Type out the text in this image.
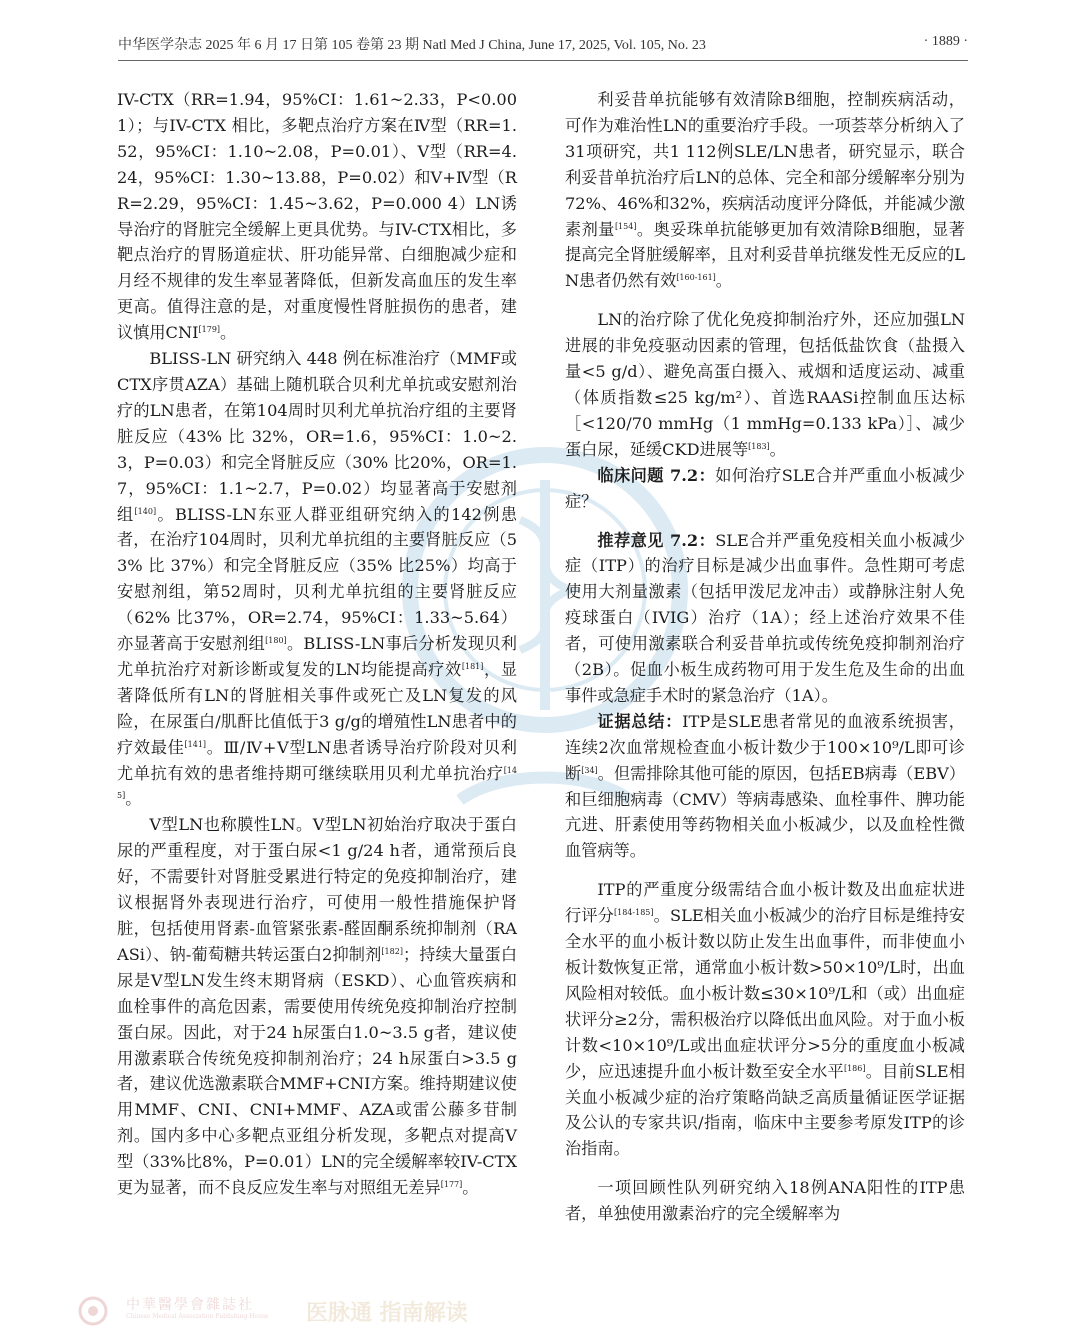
中华医学杂志 2025 年 6 月 17 日第 105 卷第 23 期 Natl Med J China, June 17, 2025, Vol. 105, No. 23	· 1889 ·

IV-CTX（RR=1.94，95%CI：1.61~2.33，P<0.001）；与IV-CTX 相比，多靶点治疗方案在Ⅳ型（RR=1.52，95%CI：1.10~2.08，P=0.01）、Ⅴ型（RR=4.24，95%CI：1.30~13.88，P=0.02）和Ⅴ+Ⅳ型（RR=2.29，95%CI：1.45~3.62，P=0.000 4）LN诱导治疗的肾脏完全缓解上更具优势。与IV-CTX相比，多靶点治疗的胃肠道症状、肝功能异常、白细胞减少症和月经不规律的发生率显著降低，但新发高血压的发生率更高。值得注意的是，对重度慢性肾脏损伤的患者，建议慎用CNI[179]。

BLISS-LN 研究纳入 448 例在标准治疗（MMF或CTX序贯AZA）基础上随机联合贝利尤单抗或安慰剂治疗的LN患者，在第104周时贝利尤单抗治疗组的主要肾脏反应（43% 比 32%，OR=1.6，95%CI：1.0~2.3，P=0.03）和完全肾脏反应（30% 比20%，OR=1.7，95%CI：1.1~2.7，P=0.02）均显著高于安慰剂组[140]。BLISS-LN东亚人群亚组研究纳入的142例患者，在治疗104周时，贝利尤单抗组的主要肾脏反应（53% 比 37%）和完全肾脏反应（35% 比25%）均高于安慰剂组，第52周时，贝利尤单抗组的主要肾脏反应（62% 比37%，OR=2.74，95%CI：1.33~5.64）亦显著高于安慰剂组[180]。BLISS-LN事后分析发现贝利尤单抗治疗对新诊断或复发的LN均能提高疗效[181]，显著降低所有LN的肾脏相关事件或死亡及LN复发的风险，在尿蛋白/肌酐比值低于3 g/g的增殖性LN患者中的疗效最佳[141]。Ⅲ/Ⅳ+Ⅴ型LN患者诱导治疗阶段对贝利尤单抗有效的患者维持期可继续联用贝利尤单抗治疗[145]。

Ⅴ型LN也称膜性LN。Ⅴ型LN初始治疗取决于蛋白尿的严重程度，对于蛋白尿<1 g/24 h者，通常预后良好，不需要针对肾脏受累进行特定的免疫抑制治疗，建议根据肾外表现进行治疗，可使用一般性措施保护肾脏，包括使用肾素-血管紧张素-醛固酮系统抑制剂（RAASi）、钠-葡萄糖共转运蛋白2抑制剂[182]；持续大量蛋白尿是Ⅴ型LN发生终末期肾病（ESKD）、心血管疾病和血栓事件的高危因素，需要使用传统免疫抑制治疗控制蛋白尿。因此，对于24 h尿蛋白1.0~3.5 g者，建议使用激素联合传统免疫抑制剂治疗；24 h尿蛋白>3.5 g者，建议优选激素联合MMF+CNI方案。维持期建议使用MMF、CNI、CNI+MMF、AZA或雷公藤多苷制剂。国内多中心多靶点亚组分析发现，多靶点对提高Ⅴ型（33%比8%，P=0.01）LN的完全缓解率较IV-CTX更为显著，而不良反应发生率与对照组无差异[177]。

利妥昔单抗能够有效清除B细胞，控制疾病活动，可作为难治性LN的重要治疗手段。一项荟萃分析纳入了31项研究，共1 112例SLE/LN患者，研究显示，联合利妥昔单抗治疗后LN的总体、完全和部分缓解率分别为72%、46%和32%，疾病活动度评分降低，并能减少激素剂量[154]。奥妥珠单抗能够更加有效清除B细胞，显著提高完全肾脏缓解率，且对利妥昔单抗继发性无反应的LN患者仍然有效[160-161]。

LN的治疗除了优化免疫抑制治疗外，还应加强LN进展的非免疫驱动因素的管理，包括低盐饮食（盐摄入量<5 g/d）、避免高蛋白摄入、戒烟和适度运动、减重（体质指数≤25 kg/m²）、首选RAASi控制血压达标［<120/70 mmHg（1 mmHg=0.133 kPa）］、减少蛋白尿，延缓CKD进展等[183]。

临床问题 7.2：如何治疗SLE合并严重血小板减少症？

推荐意见 7.2：SLE合并严重免疫相关血小板减少症（ITP）的治疗目标是减少出血事件。急性期可考虑使用大剂量激素（包括甲泼尼龙冲击）或静脉注射人免疫球蛋白（IVIG）治疗（1A）；经上述治疗效果不佳者，可使用激素联合利妥昔单抗或传统免疫抑制剂治疗（2B）。促血小板生成药物可用于发生危及生命的出血事件或急症手术时的紧急治疗（1A）。

证据总结：ITP是SLE患者常见的血液系统损害，连续2次血常规检查血小板计数少于100×10⁹/L即可诊断[34]。但需排除其他可能的原因，包括EB病毒（EBV）和巨细胞病毒（CMV）等病毒感染、血栓事件、脾功能亢进、肝素使用等药物相关血小板减少，以及血栓性微血管病等。

ITP的严重度分级需结合血小板计数及出血症状进行评分[184-185]。SLE相关血小板减少的治疗目标是维持安全水平的血小板计数以防止发生出血事件，而非使血小板计数恢复正常，通常血小板计数>50×10⁹/L时，出血风险相对较低。血小板计数≤30×10⁹/L和（或）出血症状评分≥2分，需积极治疗以降低出血风险。对于血小板计数<10×10⁹/L或出血症状评分>5分的重度血小板减少，应迅速提升血小板计数至安全水平[186]。目前SLE相关血小板减少症的治疗策略尚缺乏高质量循证医学证据及公认的专家共识/指南，临床中主要参考原发ITP的诊治指南。

一项回顾性队列研究纳入18例ANA阳性的ITP患者，单独使用激素治疗的完全缓解率为

中華醫學會雜誌社
Chinese Medical Association Publishing House 医脉通 指南解读
